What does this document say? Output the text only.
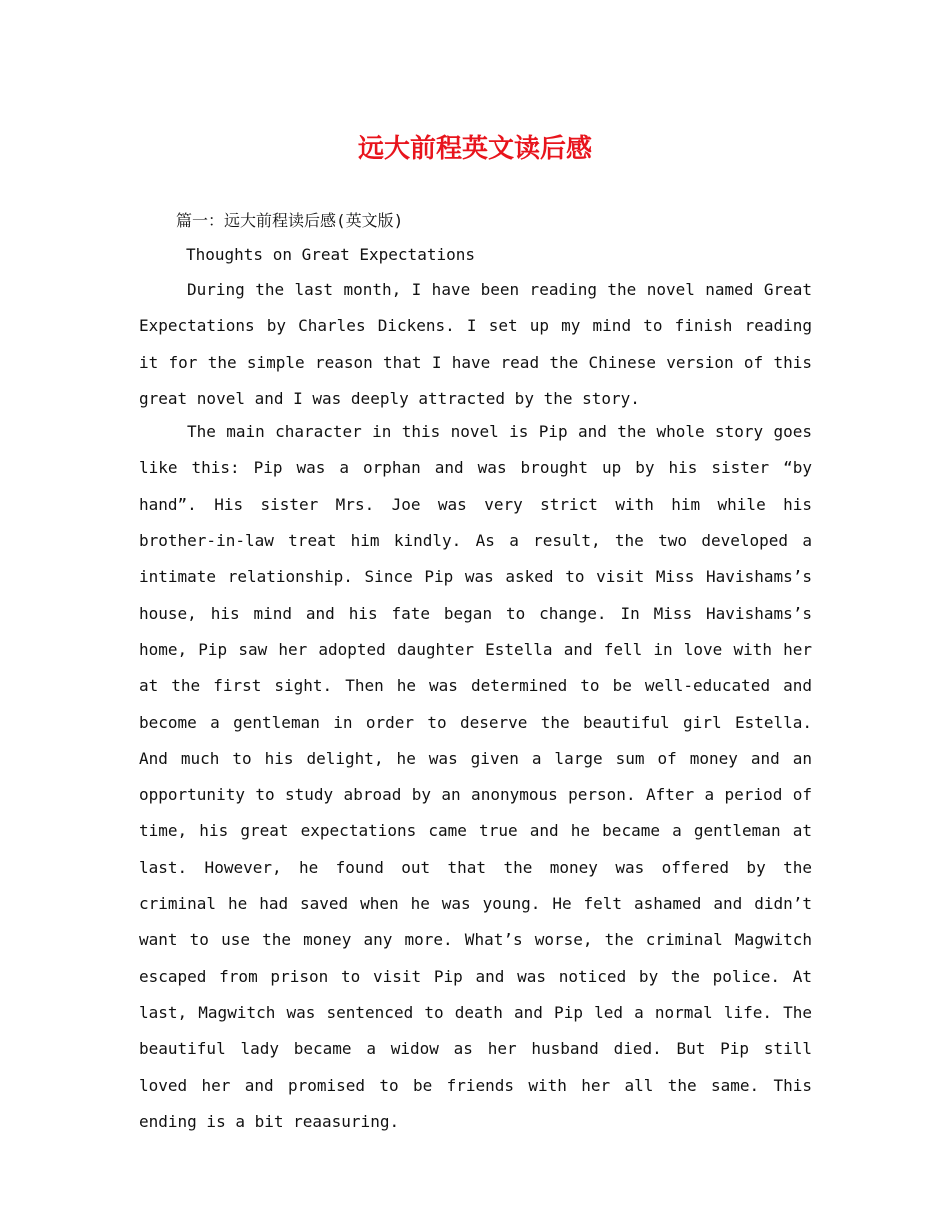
远大前程英文读后感
篇一：远大前程读后感(英文版)
Thoughts on Great Expectations

During the last month, I have been reading the novel named Great Expectations by Charles Dickens. I set up my mind to finish reading it for the simple reason that I have read the Chinese version of this great novel and I was deeply attracted by the story.

The main character in this novel is Pip and the whole story goes like this: Pip was a orphan and was brought up by his sister “by hand”. His sister Mrs. Joe was very strict with him while his brother-in-law treat him kindly. As a result, the two developed a intimate relationship. Since Pip was asked to visit Miss Havishams’s house, his mind and his fate began to change. In Miss Havishams’s home, Pip saw her adopted daughter Estella and fell in love with her at the first sight. Then he was determined to be well-educated and become a gentleman in order to deserve the beautiful girl Estella. And much to his delight, he was given a large sum of money and an opportunity to study abroad by an anonymous person. After a period of time, his great expectations came true and he became a gentleman at last. However, he found out that the money was offered by the criminal he had saved when he was young. He felt ashamed and didn’t want to use the money any more. What’s worse, the criminal Magwitch escaped from prison to visit Pip and was noticed by the police. At last, Magwitch was sentenced to death and Pip led a normal life. The beautiful lady became a widow as her husband died. But Pip still loved her and promised to be friends with her all the same. This ending is a bit reaasuring.
